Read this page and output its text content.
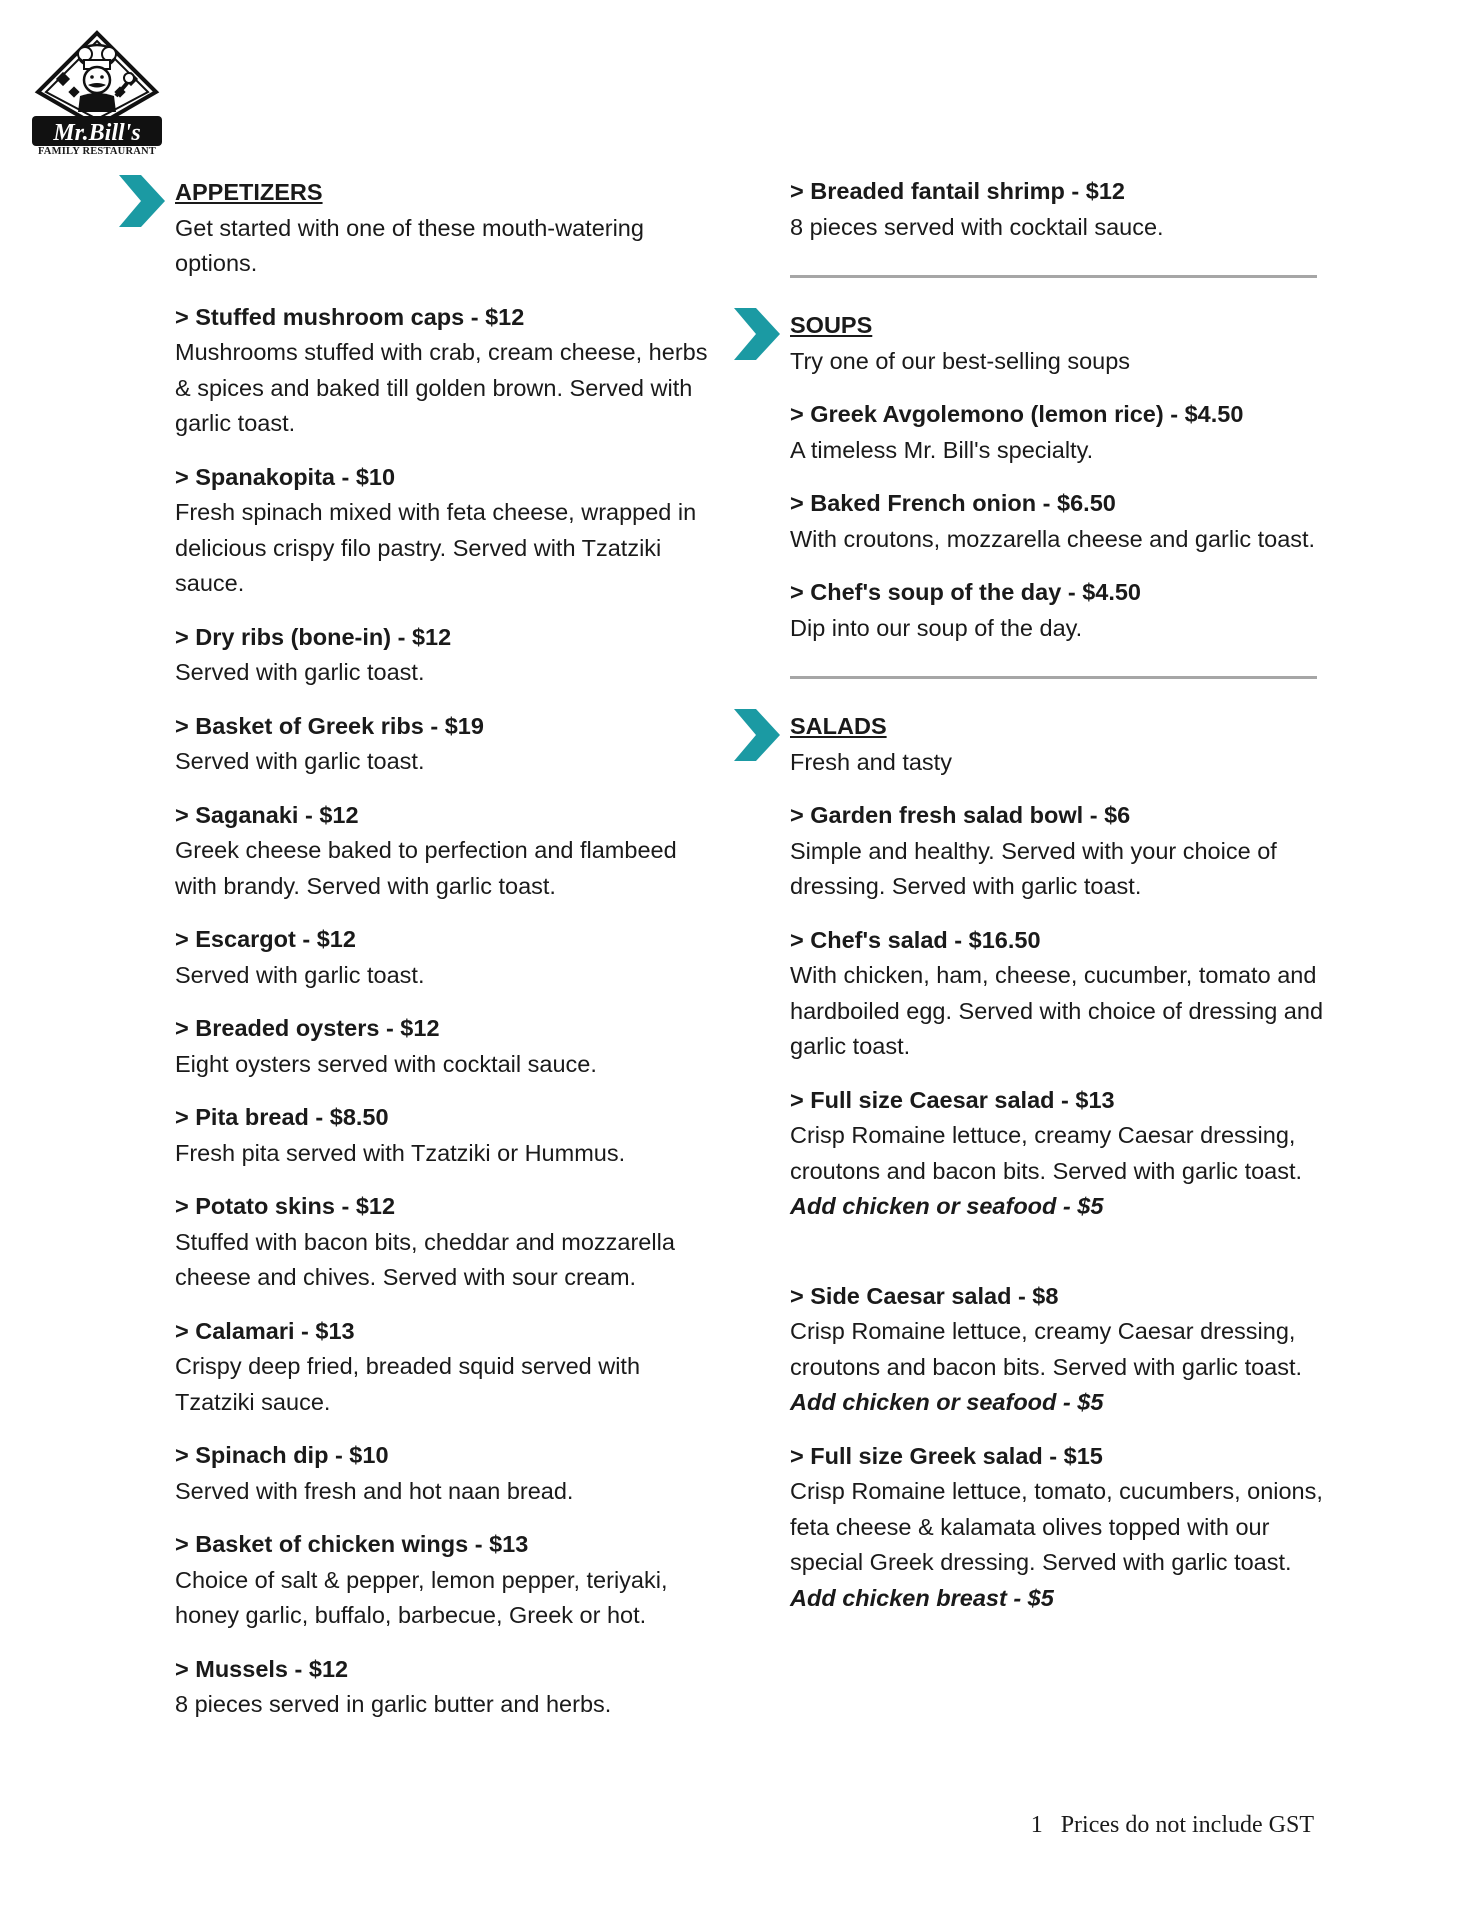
Mr.Bill's
FAMILY RESTAURANT
APPETIZERS
Get started with one of these mouth-watering options.
> Stuffed mushroom caps - $12
Mushrooms stuffed with crab, cream cheese, herbs & spices and baked till golden brown. Served with garlic toast.
> Spanakopita - $10
Fresh spinach mixed with feta cheese, wrapped in delicious crispy filo pastry. Served with Tzatziki sauce.
> Dry ribs (bone-in) - $12
Served with garlic toast.
> Basket of Greek ribs - $19
Served with garlic toast.
> Saganaki - $12
Greek cheese baked to perfection and flambeed with brandy. Served with garlic toast.
> Escargot - $12
Served with garlic toast.
> Breaded oysters - $12
Eight oysters served with cocktail sauce.
> Pita bread - $8.50
Fresh pita served with Tzatziki or Hummus.
> Potato skins - $12
Stuffed with bacon bits, cheddar and mozzarella cheese and chives. Served with sour cream.
> Calamari - $13
Crispy deep fried, breaded squid served with Tzatziki sauce.
> Spinach dip - $10
Served with fresh and hot naan bread.
> Basket of chicken wings - $13
Choice of salt & pepper, lemon pepper, teriyaki, honey garlic, buffalo, barbecue, Greek or hot.
> Mussels - $12
8 pieces served in garlic butter and herbs.
> Breaded fantail shrimp - $12
8 pieces served with cocktail sauce.
SOUPS
Try one of our best-selling soups
> Greek Avgolemono (lemon rice) - $4.50
A timeless Mr. Bill's specialty.
> Baked French onion - $6.50
With croutons, mozzarella cheese and garlic toast.
> Chef's soup of the day - $4.50
Dip into our soup of the day.
SALADS
Fresh and tasty
> Garden fresh salad bowl - $6
Simple and healthy. Served with your choice of dressing. Served with garlic toast.
> Chef's salad - $16.50
With chicken, ham, cheese, cucumber, tomato and hardboiled egg. Served with choice of dressing and garlic toast.
> Full size Caesar salad - $13
Crisp Romaine lettuce, creamy Caesar dressing, croutons and bacon bits. Served with garlic toast. Add chicken or seafood - $5
> Side Caesar salad - $8
Crisp Romaine lettuce, creamy Caesar dressing, croutons and bacon bits. Served with garlic toast. Add chicken or seafood - $5
> Full size Greek salad - $15
Crisp Romaine lettuce, tomato, cucumbers, onions, feta cheese & kalamata olives topped with our special Greek dressing. Served with garlic toast. Add chicken breast - $5
1 Prices do not include GST
